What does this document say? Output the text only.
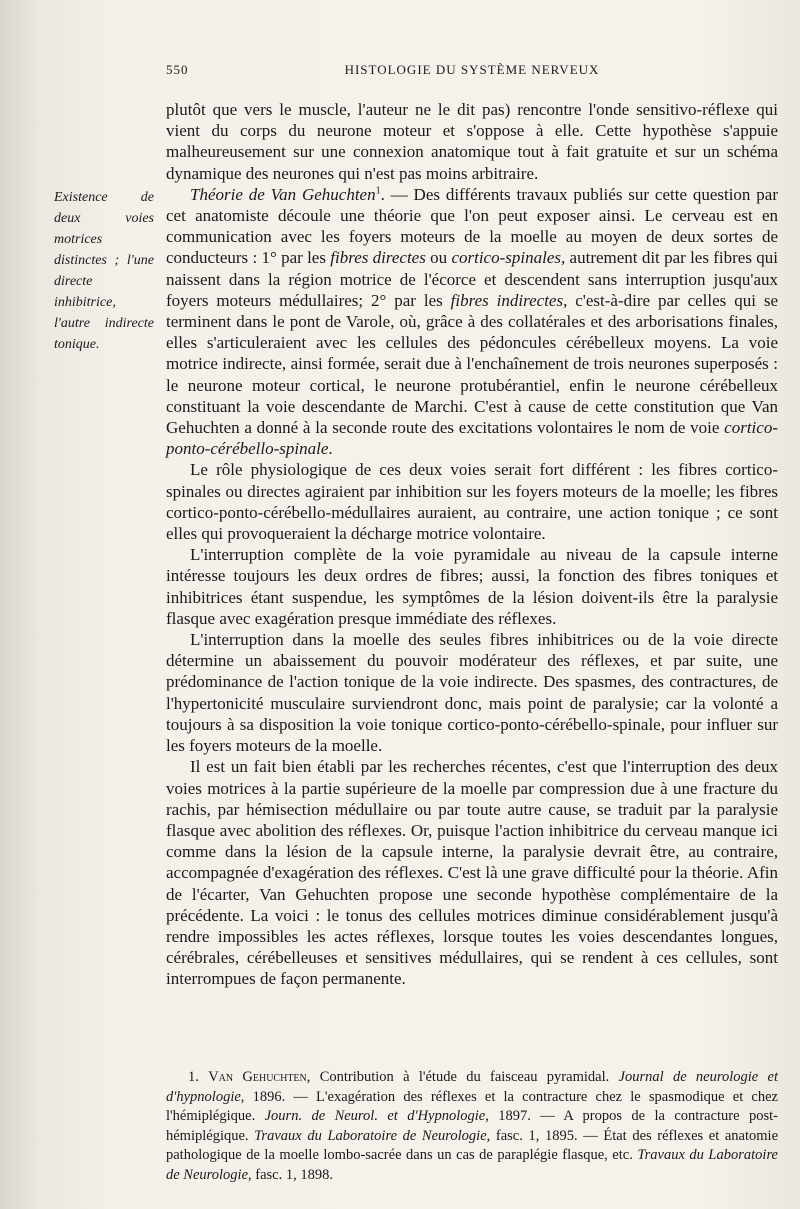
550	HISTOLOGIE DU SYSTÈME NERVEUX
Existence de deux voies motrices distinctes ; l'une directe inhibitrice, l'autre indirecte tonique.

plutôt que vers le muscle, l'auteur ne le dit pas) rencontre l'onde sensitivo-réflexe qui vient du corps du neurone moteur et s'oppose à elle. Cette hypothèse s'appuie malheureusement sur une connexion anatomique tout à fait gratuite et sur un schéma dynamique des neurones qui n'est pas moins arbitraire.

Théorie de Van Gehuchten$^1$. — Des différents travaux publiés sur cette question par cet anatomiste découle une théorie que l'on peut exposer ainsi. Le cerveau est en communication avec les foyers moteurs de la moelle au moyen de deux sortes de conducteurs : 1° par les fibres directes ou cortico-spinales, autrement dit par les fibres qui naissent dans la région motrice de l'écorce et descendent sans interruption jusqu'aux foyers moteurs médullaires; 2° par les fibres indirectes, c'est-à-dire par celles qui se terminent dans le pont de Varole, où, grâce à des collatérales et des arborisations finales, elles s'articuleraient avec les cellules des pédoncules cérébelleux moyens. La voie motrice indirecte, ainsi formée, serait due à l'enchaînement de trois neurones superposés : le neurone moteur cortical, le neurone protubérantiel, enfin le neurone cérébelleux constituant la voie descendante de Marchi. C'est à cause de cette constitution que Van Gehuchten a donné à la seconde route des excitations volontaires le nom de voie cortico-ponto-cérébello-spinale.

Le rôle physiologique de ces deux voies serait fort différent : les fibres cortico-spinales ou directes agiraient par inhibition sur les foyers moteurs de la moelle; les fibres cortico-ponto-cérébello-médullaires auraient, au contraire, une action tonique ; ce sont elles qui provoqueraient la décharge motrice volontaire.

L'interruption complète de la voie pyramidale au niveau de la capsule interne intéresse toujours les deux ordres de fibres; aussi, la fonction des fibres toniques et inhibitrices étant suspendue, les symptômes de la lésion doivent-ils être la paralysie flasque avec exagération presque immédiate des réflexes.

L'interruption dans la moelle des seules fibres inhibitrices ou de la voie directe détermine un abaissement du pouvoir modérateur des réflexes, et par suite, une prédominance de l'action tonique de la voie indirecte. Des spasmes, des contractures, de l'hypertonicité musculaire surviendront donc, mais point de paralysie; car la volonté a toujours à sa disposition la voie tonique cortico-ponto-cérébello-spinale, pour influer sur les foyers moteurs de la moelle.

Il est un fait bien établi par les recherches récentes, c'est que l'interruption des deux voies motrices à la partie supérieure de la moelle par compression due à une fracture du rachis, par hémisection médullaire ou par toute autre cause, se traduit par la paralysie flasque avec abolition des réflexes. Or, puisque l'action inhibitrice du cerveau manque ici comme dans la lésion de la capsule interne, la paralysie devrait être, au contraire, accompagnée d'exagération des réflexes. C'est là une grave difficulté pour la théorie. Afin de l'écarter, Van Gehuchten propose une seconde hypothèse complémentaire de la précédente. La voici : le tonus des cellules motrices diminue considérablement jusqu'à rendre impossibles les actes réflexes, lorsque toutes les voies descendantes longues, cérébrales, cérébelleuses et sensitives médullaires, qui se rendent à ces cellules, sont interrompues de façon permanente.

1. Van Gehuchten, Contribution à l'étude du faisceau pyramidal. Journal de neurologie et d'hypnologie, 1896. — L'exagération des réflexes et la contracture chez le spasmodique et chez l'hémiplégique. Journ. de Neurol. et d'Hypnologie, 1897. — A propos de la contracture post-hémiplégique. Travaux du Laboratoire de Neurologie, fasc. 1, 1895. — État des réflexes et anatomie pathologique de la moelle lombo-sacrée dans un cas de paraplégie flasque, etc. Travaux du Laboratoire de Neurologie, fasc. 1, 1898.
